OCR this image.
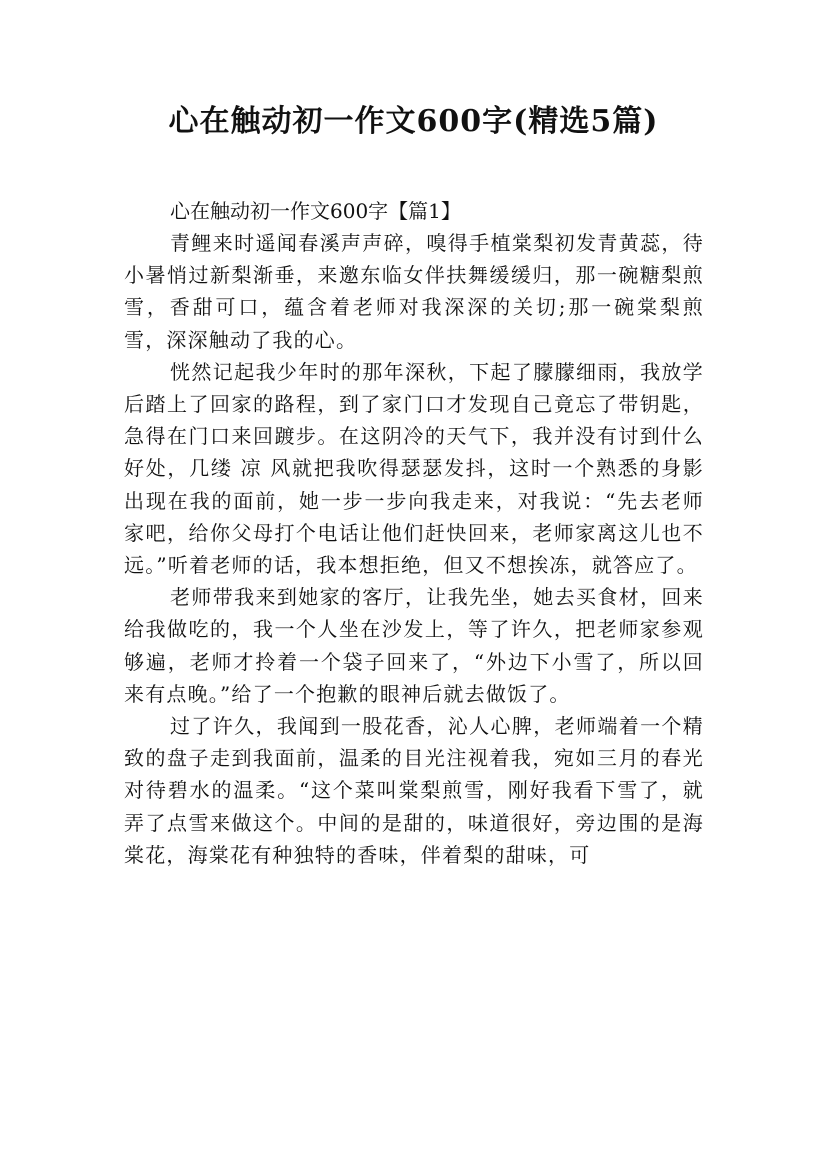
心在触动初一作文600字(精选5篇)

心在触动初一作文600字【篇1】

青鲤来时遥闻春溪声声碎，嗅得手植棠梨初发青黄蕊，待小暑悄过新梨渐垂，来邀东临女伴扶舞缓缓归，那一碗糖梨煎雪，香甜可口，蕴含着老师对我深深的关切;那一碗棠梨煎雪，深深触动了我的心。

恍然记起我少年时的那年深秋，下起了朦朦细雨，我放学后踏上了回家的路程，到了家门口才发现自己竟忘了带钥匙，急得在门口来回踱步。在这阴冷的天气下，我并没有讨到什么好处，几缕 凉 风就把我吹得瑟瑟发抖，这时一个熟悉的身影出现在我的面前，她一步一步向我走来，对我说：“先去老师家吧，给你父母打个电话让他们赶快回来，老师家离这儿也不远。”听着老师的话，我本想拒绝，但又不想挨冻，就答应了。

老师带我来到她家的客厅，让我先坐，她去买食材，回来给我做吃的，我一个人坐在沙发上，等了许久，把老师家参观够遍，老师才拎着一个袋子回来了，“外边下小雪了，所以回来有点晚。”给了一个抱歉的眼神后就去做饭了。

过了许久，我闻到一股花香，沁人心脾，老师端着一个精致的盘子走到我面前，温柔的目光注视着我，宛如三月的春光对待碧水的温柔。“这个菜叫棠梨煎雪，刚好我看下雪了，就弄了点雪来做这个。中间的是甜的，味道很好，旁边围的是海棠花，海棠花有种独特的香味，伴着梨的甜味，可
